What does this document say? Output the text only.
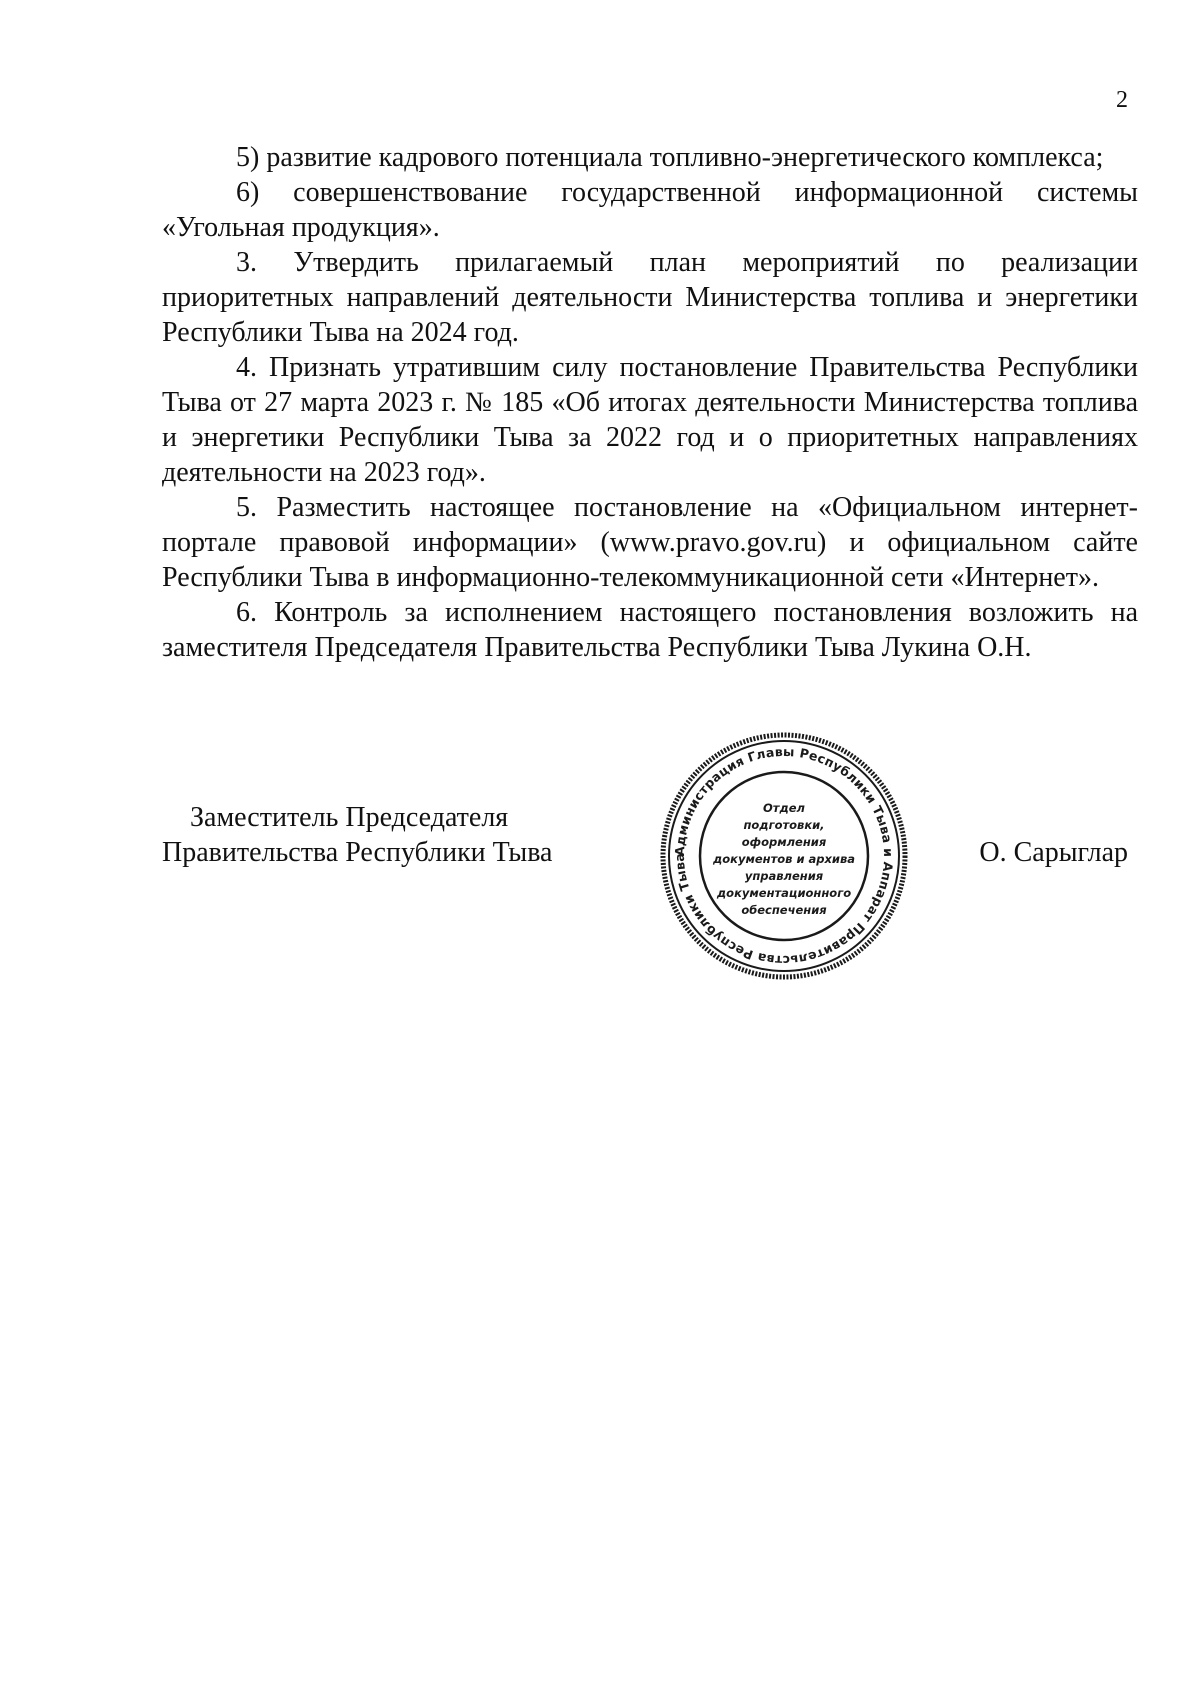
2

5) развитие кадрового потенциала топливно-энергетического комплекса;

6) совершенствование государственной информационной системы «Угольная продукция».

3. Утвердить прилагаемый план мероприятий по реализации приоритетных направлений деятельности Министерства топлива и энергетики Республики Тыва на 2024 год.

4. Признать утратившим силу постановление Правительства Республики Тыва от 27 марта 2023 г. № 185 «Об итогах деятельности Министерства топлива и энергетики Республики Тыва за 2022 год и о приоритетных направлениях деятельности на 2023 год».

5. Разместить настоящее постановление на «Официальном интернет-портале правовой информации» (www.pravo.gov.ru) и официальном сайте Республики Тыва в информационно-телекоммуникационной сети «Интернет».

6. Контроль за исполнением настоящего постановления возложить на заместителя Председателя Правительства Республики Тыва Лукина О.Н.

Заместитель Председателя
Правительства Республики Тыва	О. Сарыглар
Администрация Главы Республики Тыва и Аппарат Правительства Республики Тыва
Отдел
подготовки,
оформления
документов и архива
управления
документационного
обеспечения
